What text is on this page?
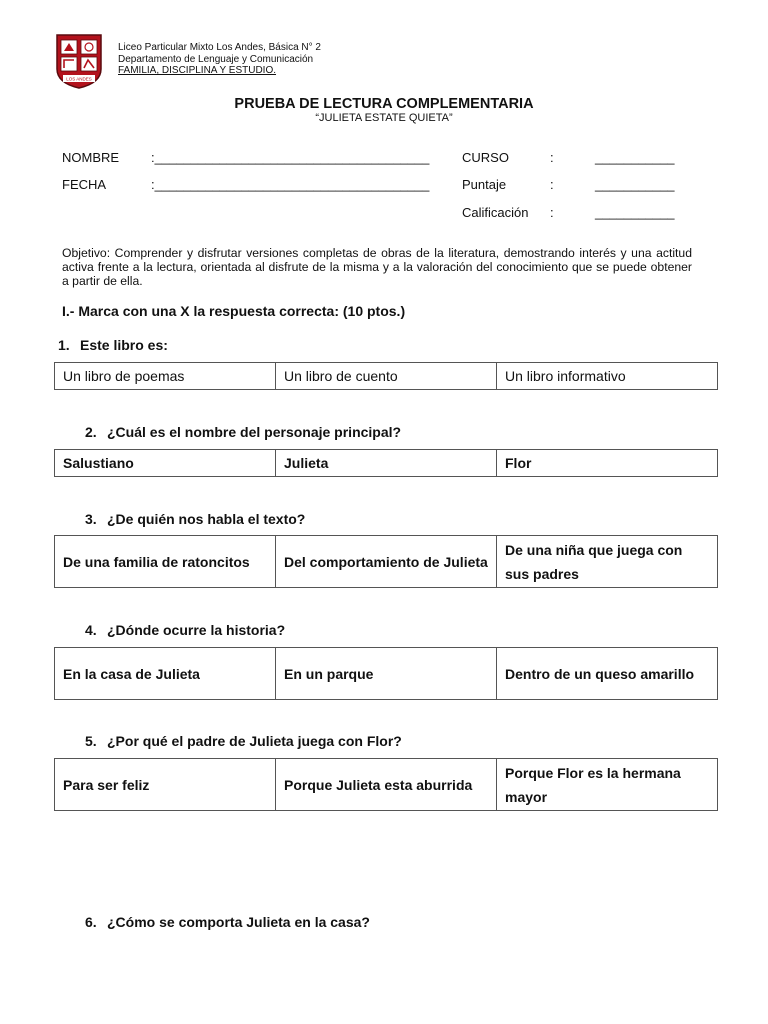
LOS ANDES
Liceo Particular Mixto Los Andes, Básica N° 2
Departamento de Lenguaje y Comunicación
FAMILIA, DISCIPLINA Y ESTUDIO.
PRUEBA DE LECTURA COMPLEMENTARIA
“JULIETA ESTATE QUIETA”
NOMBRE :______________________________________	CURSO	:	___________
FECHA	:______________________________________	Puntaje	:	___________
Calificación :	___________
Objetivo: Comprender y disfrutar versiones completas de obras de la literatura, demostrando interés y una actitud activa frente a la lectura, orientada al disfrute de la misma y a la valoración del conocimiento que se puede obtener a partir de ella.
I.- Marca con una X la respuesta correcta: (10 ptos.)
1. Este libro es:
Un libro de poemas	Un libro de cuento	Un libro informativo
2. ¿Cuál es el nombre del personaje principal?
Salustiano	Julieta	Flor
3. ¿De quién nos habla el texto?
De una familia de ratoncitos	Del comportamiento de Julieta	De una niña que juega con sus padres
4. ¿Dónde ocurre la historia?
En la casa de Julieta	En un parque	Dentro de un queso amarillo
5. ¿Por qué el padre de Julieta juega con Flor?
Para ser feliz	Porque Julieta esta aburrida	Porque Flor es la hermana mayor
6. ¿Cómo se comporta Julieta en la casa?
